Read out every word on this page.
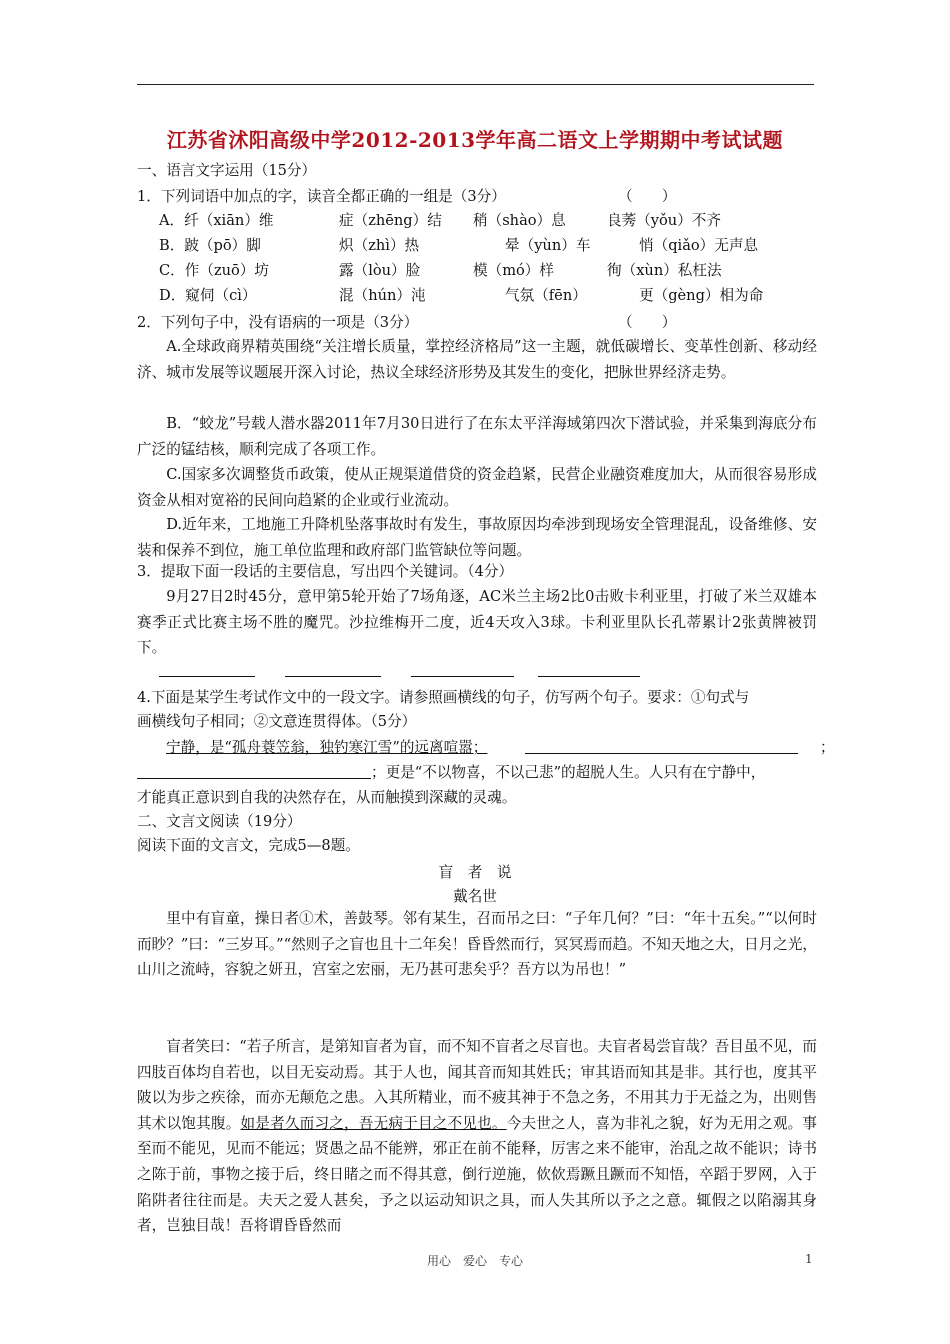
江苏省沭阳高级中学2012-2013学年高二语文上学期期中考试试题
一、语言文字运用（15分）
1．下列词语中加点的字，读音全都正确的一组是（3分）	（　　）
A．纤（xiān）维	症（zhēng）结 稍（shào）息	良莠（yǒu）不齐
B．跛（pō）脚	炽（zhì）热	晕（yùn）车	悄（qiǎo）无声息
C．作（zuō）坊	露（lòu）脸	模（mó）样	徇（xùn）私枉法
D．窥伺（cì）	混（hún）沌	气氛（fēn）	更（gèng）相为命
2．下列句子中，没有语病的一项是（3分）	（　　）
A.全球政商界精英围绕“关注增长质量，掌控经济格局”这一主题，就低碳增长、变革性创新、移动经济、城市发展等议题展开深入讨论，热议全球经济形势及其发生的变化，把脉世界经济走势。
B．“蛟龙”号载人潜水器2011年7月30日进行了在东太平洋海域第四次下潜试验，并采集到海底分布广泛的锰结核，顺利完成了各项工作。
C.国家多次调整货币政策，使从正规渠道借贷的资金趋紧，民营企业融资难度加大，从而很容易形成资金从相对宽裕的民间向趋紧的企业或行业流动。
D.近年来，工地施工升降机坠落事故时有发生，事故原因均牵涉到现场安全管理混乱，设备维修、安装和保养不到位，施工单位监理和政府部门监管缺位等问题。
3．提取下面一段话的主要信息，写出四个关键词。（4分）
9月27日2时45分，意甲第5轮开始了7场角逐，AC米兰主场2比0击败卡利亚里，打破了米兰双雄本赛季正式比赛主场不胜的魔咒。沙拉维梅开二度，近4天攻入3球。卡利亚里队长孔蒂累计2张黄牌被罚下。
4.下面是某学生考试作文中的一段文字。请参照画横线的句子，仿写两个句子。要求：①句式与
画横线句子相同；②文意连贯得体。（5分）
宁静，是“孤舟蓑笠翁，独钓寒江雪”的远离喧嚣；	；
；更是“不以物喜，不以己悲”的超脱人生。人只有在宁静中，
才能真正意识到自我的决然存在，从而触摸到深藏的灵魂。
二、文言文阅读（19分）
阅读下面的文言文，完成5—8题。
盲　者　说
戴名世
里中有盲童，操日者①术，善鼓琴。邻有某生，召而吊之曰：“子年几何？”曰：“年十五矣。”“以何时而眇？”曰：“三岁耳。”“然则子之盲也且十二年矣！昏昏然而行，冥冥焉而趋。不知天地之大，日月之光，山川之流峙，容貌之妍丑，宫室之宏丽，无乃甚可悲矣乎？吾方以为吊也！”
盲者笑曰：“若子所言，是第知盲者为盲，而不知不盲者之尽盲也。夫盲者曷尝盲哉？吾目虽不见，而四肢百体均自若也，以目无妄动焉。其于人也，闻其音而知其姓氏；审其语而知其是非。其行也，度其平陂以为步之疾徐，而亦无颠危之患。入其所精业，而不疲其神于不急之务，不用其力于无益之为，出则售其术以饱其腹。如是者久而习之，吾无病于目之不见也。今夫世之人，喜为非礼之貌，好为无用之观。事至而不能见，见而不能远；贤愚之品不能辨，邪正在前不能释，厉害之来不能审，治乱之故不能识；诗书之陈于前，事物之接于后，终日睹之而不得其意，倒行逆施，佽佽焉蹶且蹶而不知悟，卒蹈于罗网，入于陷阱者往往而是。夫天之爱人甚矣，予之以运动知识之具，而人失其所以予之之意。辄假之以陷溺其身者，岂独目哉！吾将谓昏昏然而
用心　爱心　专心	1
